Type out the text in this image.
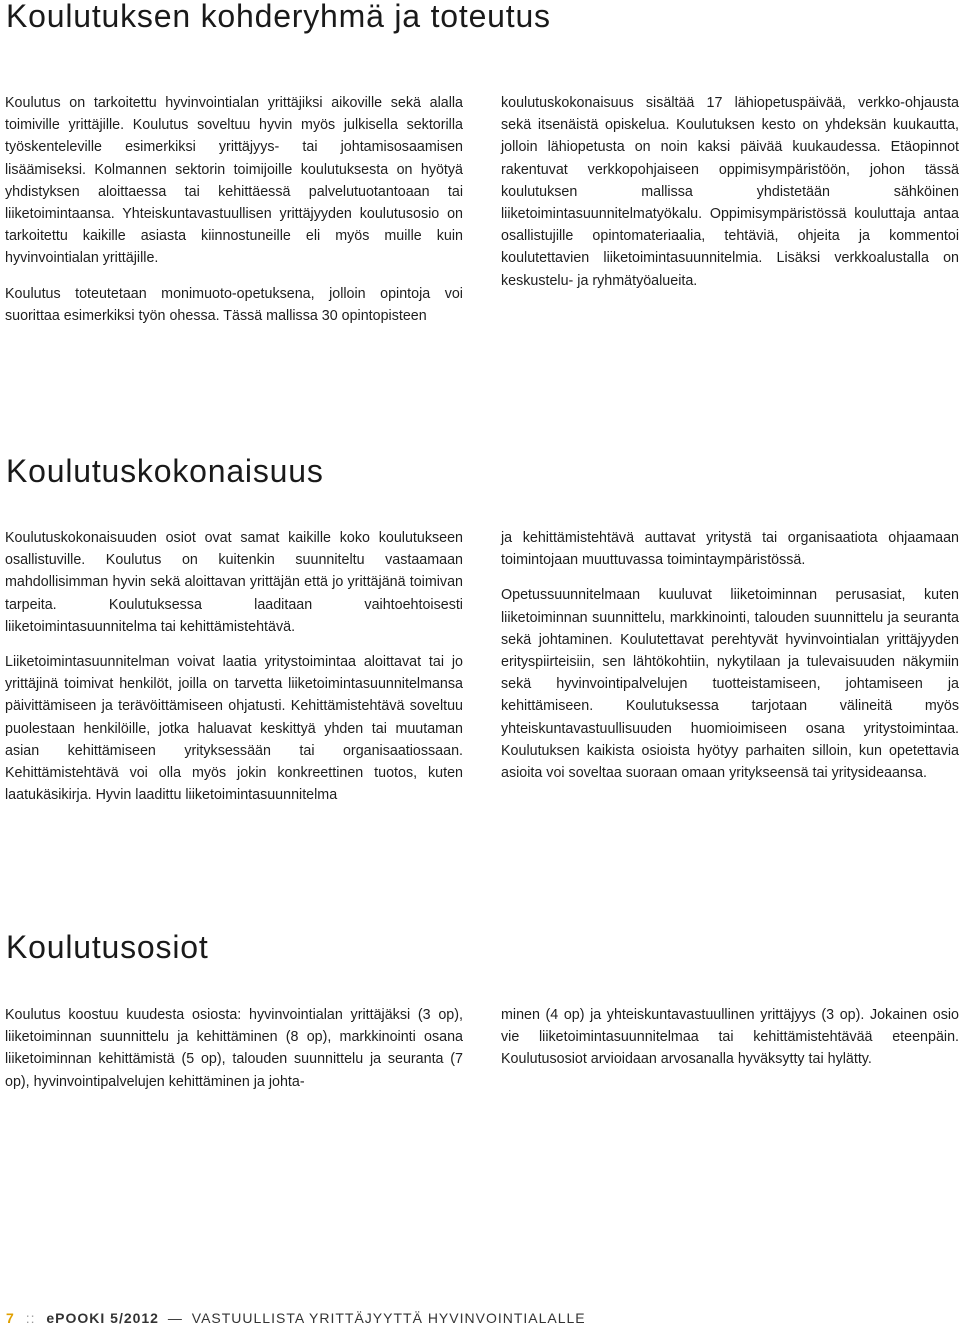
Koulutuksen kohderyhmä ja toteutus

Koulutus on tarkoitettu hyvinvointialan yrittäjiksi aikoville sekä alalla toimiville yrittäjille. Koulutus soveltuu hyvin myös julkisella sektorilla työskenteleville esimerkiksi yrittäjyys- tai johtamisosaamisen lisäämiseksi. Kolmannen sektorin toimijoille koulutuksesta on hyötyä yhdistyksen aloittaessa tai kehittäessä palvelutuotantoaan tai liiketoimintaansa. Yhteiskuntavastuullisen yrittäjyyden koulutusosio on tarkoitettu kaikille asiasta kiinnostuneille eli myös muille kuin hyvinvointialan yrittäjille.

Koulutus toteutetaan monimuoto-opetuksena, jolloin opintoja voi suorittaa esimerkiksi työn ohessa. Tässä mallissa 30 opintopisteen

koulutuskokonaisuus sisältää 17 lähiopetuspäivää, verkko-ohjausta sekä itsenäistä opiskelua. Koulutuksen kesto on yhdeksän kuukautta, jolloin lähiopetusta on noin kaksi päivää kuukaudessa. Etäopinnot rakentuvat verkkopohjaiseen oppimisympäristöön, johon tässä koulutuksen mallissa yhdistetään sähköinen liiketoimintasuunnitelmatyökalu. Oppimisympäristössä kouluttaja antaa osallistujille opintomateriaalia, tehtäviä, ohjeita ja kommentoi koulutettavien liiketoimintasuunnitelmia. Lisäksi verkkoalustalla on keskustelu- ja ryhmätyöalueita.

Koulutuskokonaisuus

Koulutuskokonaisuuden osiot ovat samat kaikille koko koulutukseen osallistuville. Koulutus on kuitenkin suunniteltu vastaamaan mahdollisimman hyvin sekä aloittavan yrittäjän että jo yrittäjänä toimivan tarpeita. Koulutuksessa laaditaan vaihtoehtoisesti liiketoimintasuunnitelma tai kehittämistehtävä.

Liiketoimintasuunnitelman voivat laatia yritystoimintaa aloittavat tai jo yrittäjinä toimivat henkilöt, joilla on tarvetta liiketoimintasuunnitelmansa päivittämiseen ja terävöittämiseen ohjatusti. Kehittämistehtävä soveltuu puolestaan henkilöille, jotka haluavat keskittyä yhden tai muutaman asian kehittämiseen yrityksessään tai organisaatiossaan. Kehittämistehtävä voi olla myös jokin konkreettinen tuotos, kuten laatukäsikirja. Hyvin laadittu liiketoimintasuunnitelma

ja kehittämistehtävä auttavat yritystä tai organisaatiota ohjaamaan toimintojaan muuttuvassa toimintaympäristössä.

Opetussuunnitelmaan kuuluvat liiketoiminnan perusasiat, kuten liiketoiminnan suunnittelu, markkinointi, talouden suunnittelu ja seuranta sekä johtaminen. Koulutettavat perehtyvät hyvinvointialan yrittäjyyden erityspiirteisiin, sen lähtökohtiin, nykytilaan ja tulevaisuuden näkymiin sekä hyvinvointipalvelujen tuotteistamiseen, johtamiseen ja kehittämiseen. Koulutuksessa tarjotaan välineitä myös yhteiskuntavastuullisuuden huomioimiseen osana yritystoimintaa. Koulutuksen kaikista osioista hyötyy parhaiten silloin, kun opetettavia asioita voi soveltaa suoraan omaan yritykseensä tai yritysideaansa.

Koulutusosiot

Koulutus koostuu kuudesta osiosta: hyvinvointialan yrittäjäksi (3 op), liiketoiminnan suunnittelu ja kehittäminen (8 op), markkinointi osana liiketoiminnan kehittämistä (5 op), talouden suunnittelu ja seuranta (7 op), hyvinvointipalvelujen kehittäminen ja johta-

minen (4 op) ja yhteiskuntavastuullinen yrittäjyys (3 op). Jokainen osio vie liiketoimintasuunnitelmaa tai kehittämistehtävää eteenpäin. Koulutusosiot arvioidaan arvosanalla hyväksytty tai hylätty.

7 :: ePOOKI 5/2012 — VASTUULLISTA YRITTÄJYYTTÄ HYVINVOINTIALALLE
